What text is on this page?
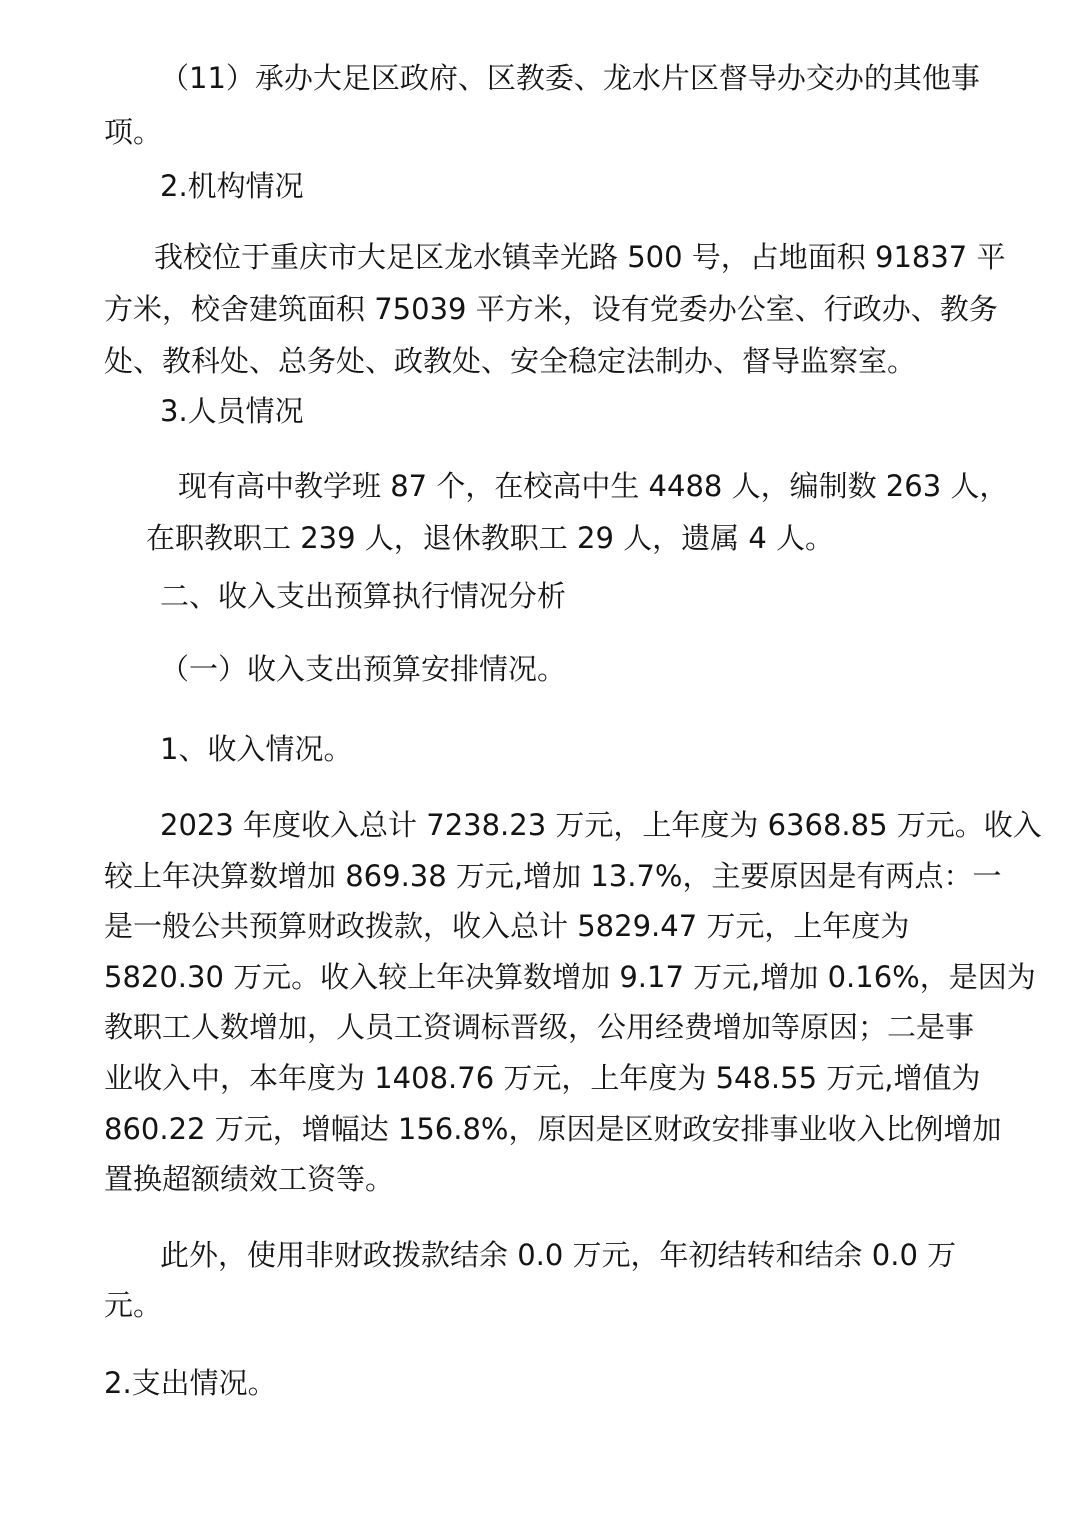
（11）承办大足区政府、区教委、龙水片区督导办交办的其他事

项。

2.机构情况

我校位于重庆市大足区龙水镇幸光路 500 号，占地面积 91837 平

方米，校舍建筑面积 75039 平方米，设有党委办公室、行政办、教务

处、教科处、总务处、政教处、安全稳定法制办、督导监察室。

3.人员情况

现有高中教学班 87 个，在校高中生 4488 人，编制数 263 人，

在职教职工 239 人，退休教职工 29 人，遗属 4 人。

二、收入支出预算执行情况分析

（一）收入支出预算安排情况。

1、收入情况。

2023 年度收入总计 7238.23 万元，上年度为 6368.85 万元。收入

较上年决算数增加 869.38 万元,增加 13.7%，主要原因是有两点：一

是一般公共预算财政拨款，收入总计 5829.47 万元，上年度为

5820.30 万元。收入较上年决算数增加 9.17 万元,增加 0.16%，是因为

教职工人数增加，人员工资调标晋级，公用经费增加等原因；二是事

业收入中，本年度为 1408.76 万元，上年度为 548.55 万元,增值为

860.22 万元，增幅达 156.8%，原因是区财政安排事业收入比例增加

置换超额绩效工资等。

此外，使用非财政拨款结余 0.0 万元，年初结转和结余 0.0 万

元。

2.支出情况。
